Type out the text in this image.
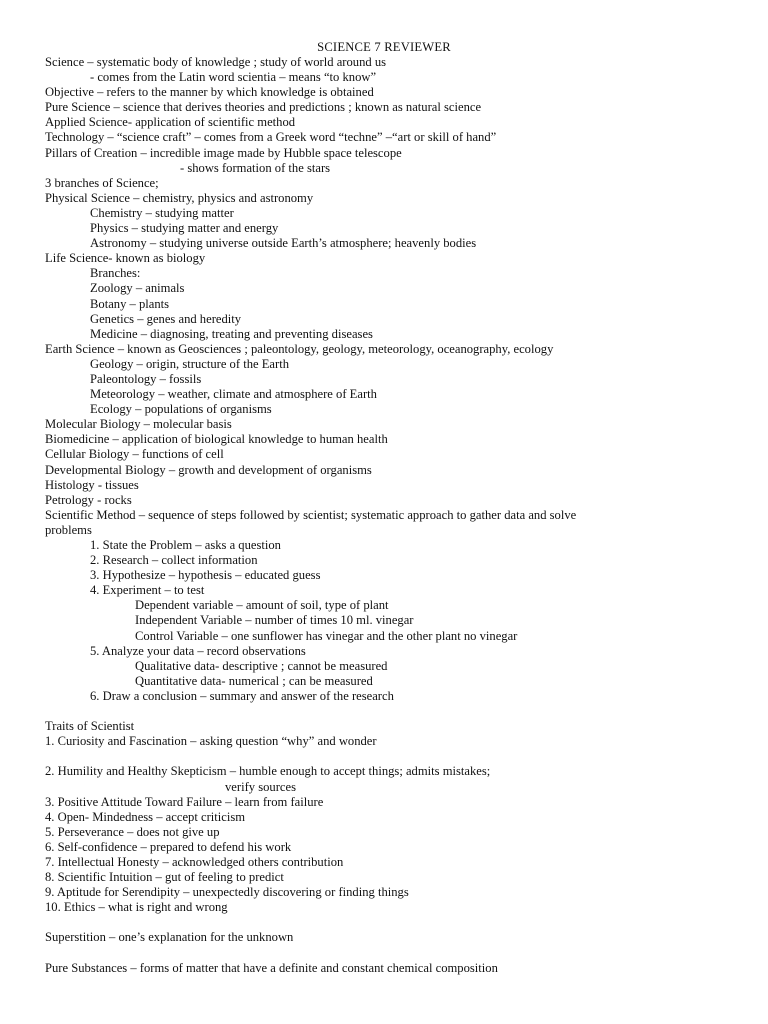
SCIENCE 7 REVIEWER
Science – systematic body of knowledge ; study of world around us
- comes from the Latin word scientia – means “to know”
Objective – refers to the manner by which knowledge is obtained
Pure Science – science that derives theories and predictions ; known as natural science
Applied Science- application of scientific method
Technology – “science craft” – comes from a Greek word “techne” –“art or skill of hand”
Pillars of Creation – incredible image made by Hubble space telescope
- shows formation of the stars
3 branches of Science;
Physical Science – chemistry, physics and astronomy
Chemistry – studying matter
Physics – studying matter and energy
Astronomy – studying universe outside Earth’s atmosphere; heavenly bodies
Life Science- known as biology
Branches:
Zoology – animals
Botany – plants
Genetics – genes and heredity
Medicine – diagnosing, treating and preventing diseases
Earth Science – known as Geosciences ; paleontology, geology, meteorology, oceanography, ecology
Geology – origin, structure of the Earth
Paleontology – fossils
Meteorology – weather, climate and atmosphere of Earth
Ecology – populations of organisms
Molecular Biology – molecular basis
Biomedicine – application of biological knowledge to human health
Cellular Biology – functions of cell
Developmental Biology – growth and development of organisms
Histology - tissues
Petrology - rocks
Scientific Method – sequence of steps followed by scientist; systematic approach to gather data and solve
problems
1. State the Problem – asks a question
2. Research – collect information
3. Hypothesize – hypothesis – educated guess
4. Experiment – to test
Dependent variable – amount of soil, type of plant
Independent Variable – number of times 10 ml. vinegar
Control Variable – one sunflower has vinegar and the other plant no vinegar
5. Analyze your data – record observations
Qualitative data- descriptive ; cannot be measured
Quantitative data- numerical ; can be measured
6. Draw a conclusion – summary and answer of the research
Traits of Scientist
1. Curiosity and Fascination – asking question “why” and wonder
2. Humility and Healthy Skepticism – humble enough to accept things; admits mistakes;
verify sources
3. Positive Attitude Toward Failure – learn from failure
4. Open- Mindedness – accept criticism
5. Perseverance – does not give up
6. Self-confidence – prepared to defend his work
7. Intellectual Honesty – acknowledged others contribution
8. Scientific Intuition – gut of feeling to predict
9. Aptitude for Serendipity – unexpectedly discovering or finding things
10. Ethics – what is right and wrong
Superstition – one’s explanation for the unknown
Pure Substances – forms of matter that have a definite and constant chemical composition
